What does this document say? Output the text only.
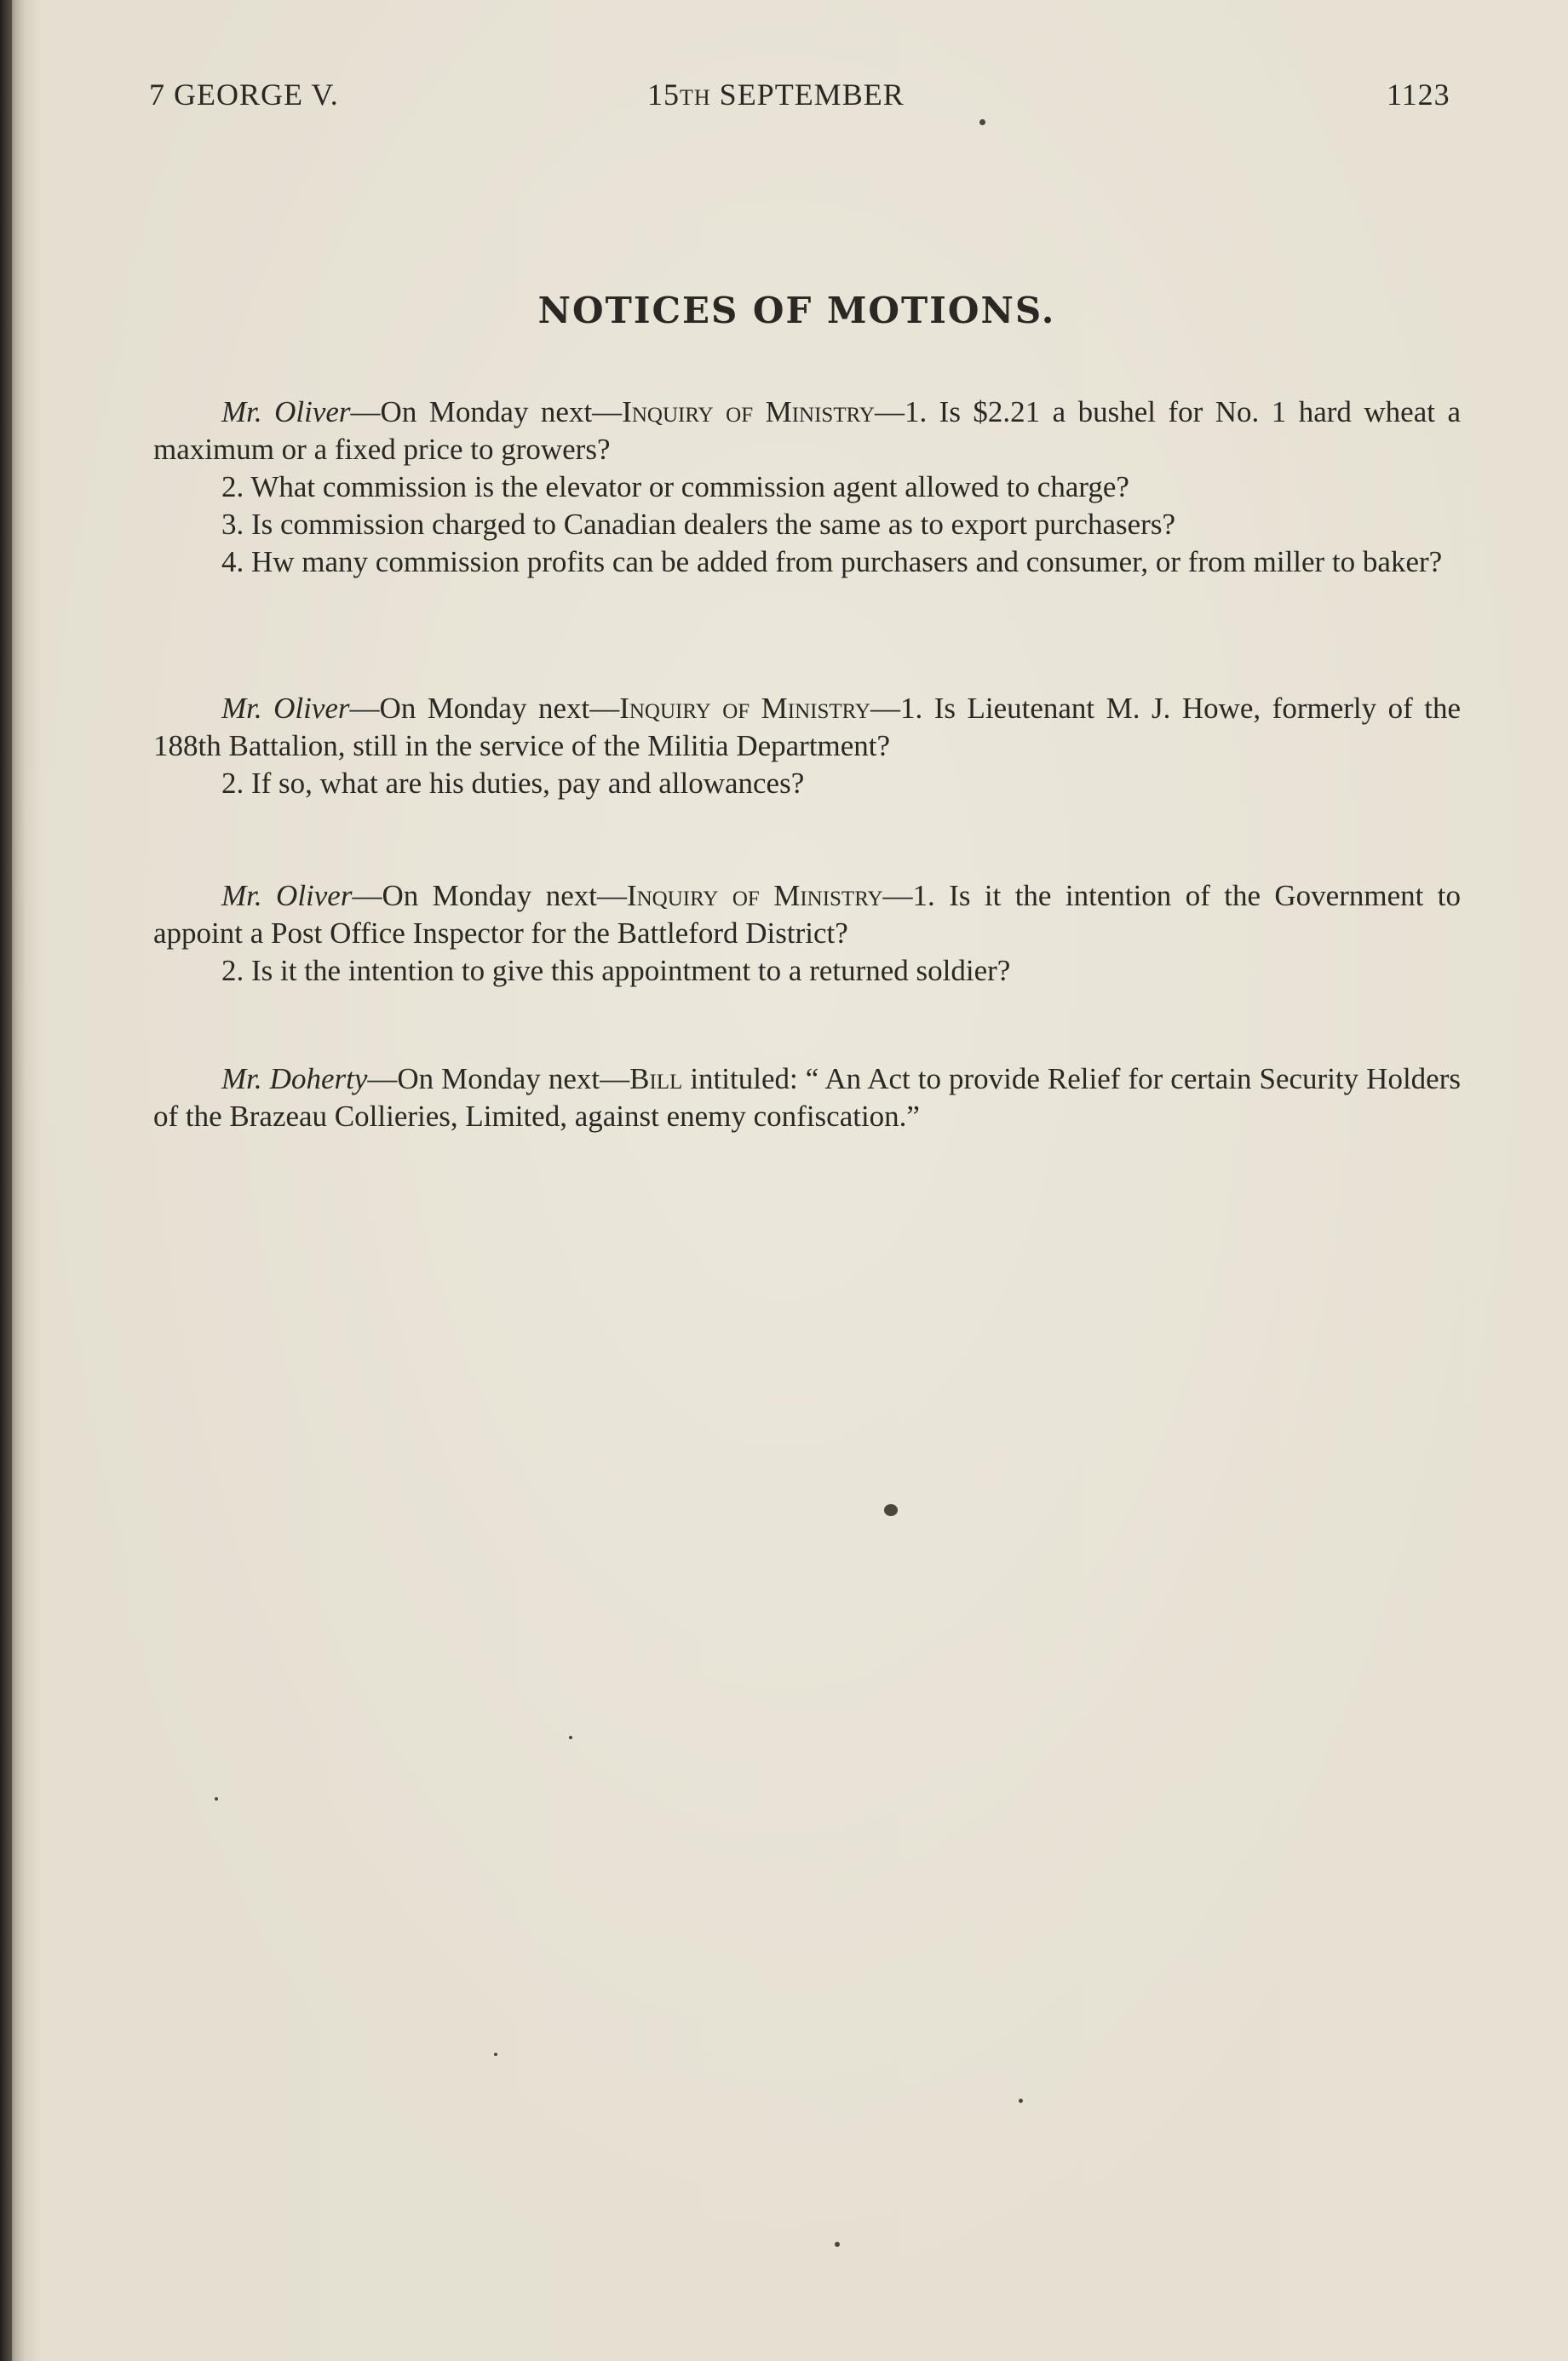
7 GEORGE V.	15TH SEPTEMBER	1123
NOTICES OF MOTIONS.

Mr. Oliver—On Monday next—Inquiry of Ministry—1. Is $2.21 a bushel for No. 1 hard wheat a maximum or a fixed price to growers?

2. What commission is the elevator or commission agent allowed to charge?

3. Is commission charged to Canadian dealers the same as to export purchasers?

4. Hw many commission profits can be added from purchasers and consumer, or from miller to baker?

Mr. Oliver—On Monday next—Inquiry of Ministry—1. Is Lieutenant M. J. Howe, formerly of the 188th Battalion, still in the service of the Militia Department?

2. If so, what are his duties, pay and allowances?

Mr. Oliver—On Monday next—Inquiry of Ministry—1. Is it the intention of the Government to appoint a Post Office Inspector for the Battleford District?

2. Is it the intention to give this appointment to a returned soldier?

Mr. Doherty—On Monday next—Bill intituled: “ An Act to provide Relief for certain Security Holders of the Brazeau Collieries, Limited, against enemy confiscation.”
